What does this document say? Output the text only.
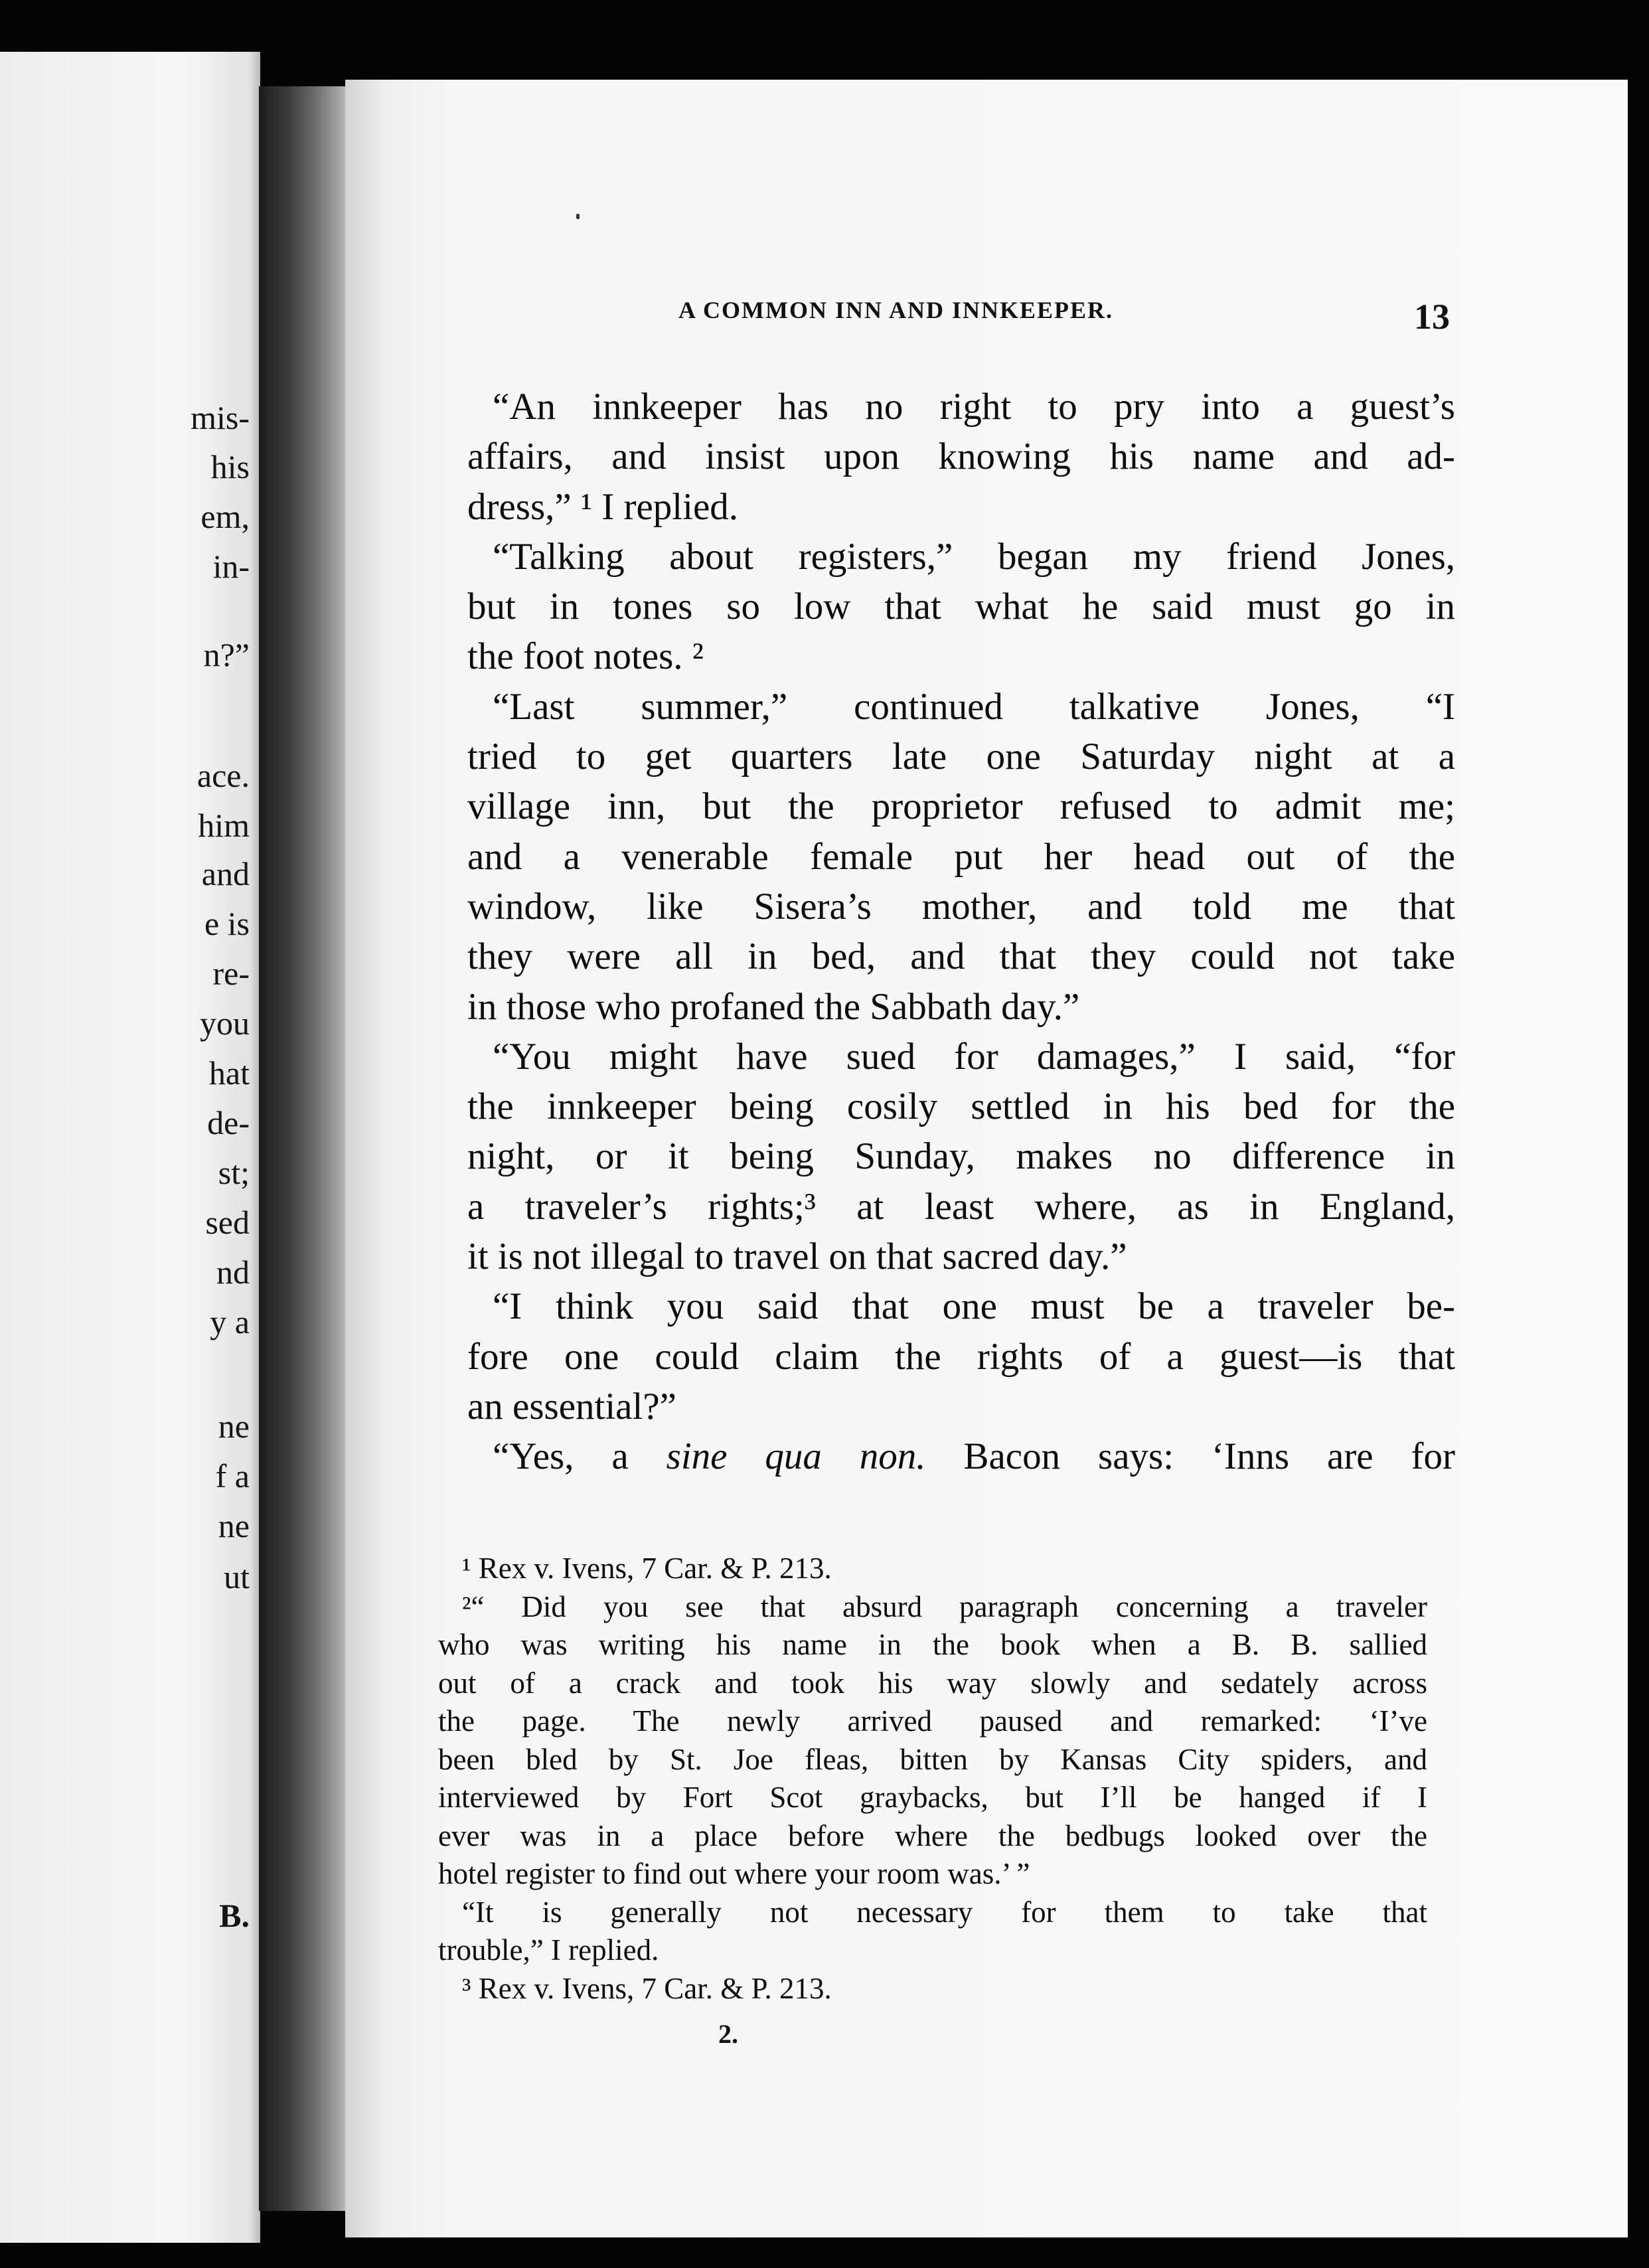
mis-
his
em,
in-
n?”
ace.
him
and
e is
re-
you
hat
de-
st;
sed
nd
y a
ne
f a
ne
ut
B.
A COMMON INN AND INNKEEPER.	13
“An innkeeper has no right to pry into a guest’s
affairs, and insist upon knowing his name and ad-
dress,” ¹ I replied.
“Talking about registers,” began my friend Jones,
but in tones so low that what he said must go in
the foot notes. ²
“Last summer,” continued talkative Jones, “I
tried to get quarters late one Saturday night at a
village inn, but the proprietor refused to admit me;
and a venerable female put her head out of the
window, like Sisera’s mother, and told me that
they were all in bed, and that they could not take
in those who profaned the Sabbath day.”
“You might have sued for damages,” I said, “for
the innkeeper being cosily settled in his bed for the
night, or it being Sunday, makes no difference in
a traveler’s rights;³ at least where, as in England,
it is not illegal to travel on that sacred day.”
“I think you said that one must be a traveler be-
fore one could claim the rights of a guest—is that
an essential?”
“Yes, a sine qua non. Bacon says: ‘Inns are for
¹ Rex v. Ivens, 7 Car. & P. 213.
²“ Did you see that absurd paragraph concerning a traveler
who was writing his name in the book when a B. B. sallied
out of a crack and took his way slowly and sedately across
the page. The newly arrived paused and remarked: ‘I’ve
been bled by St. Joe fleas, bitten by Kansas City spiders, and
interviewed by Fort Scot graybacks, but I’ll be hanged if I
ever was in a place before where the bedbugs looked over the
hotel register to find out where your room was.’ ”
“It is generally not necessary for them to take that
trouble,” I replied.
³ Rex v. Ivens, 7 Car. & P. 213.
2.
